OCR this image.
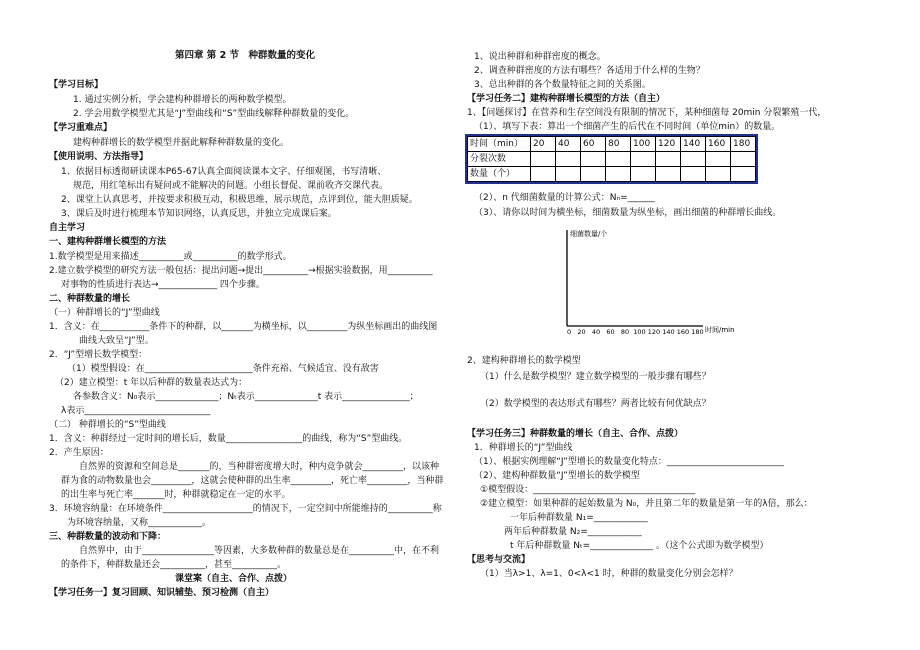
第四章 第 2 节　种群数量的变化
【学习目标】
1. 通过实例分析，学会建构种群增长的两种数学模型。
2. 学会用数学模型尤其是“J”型曲线和“S”型曲线解释种群数量的变化。
【学习重难点】
建构种群增长的数学模型并据此解释种群数量的变化。
【使用说明、方法指导】
1、依据目标透彻研读课本P65-67认真全面阅读课本文字、仔细观图，书写清晰、
规范，用红笔标出有疑问或不能解决的问题。小组长督促、课前收齐交课代表。
2、课堂上认真思考，并按要求积极互动，积极思维，展示规范，点评到位，能大胆质疑。
3、课后及时进行梳理本节知识网络，认真反思，并独立完成课后案。
自主学习
一、建构种群增长模型的方法
1.数学模型是用来描述__________或__________的数学形式。
2.建立数学模型的研究方法一般包括：提出问题→提出__________→根据实验数据，用__________
对事物的性质进行表达→_____________ 四个步骤。
二、种群数量的增长
（一）种群增长的“J”型曲线
1．含义：在___________条件下的种群，以_______为横坐标，以_________为纵坐标画出的曲线图
曲线大致呈“J”型。
2．“J”型增长数学模型：
（1）模型假设：在________________________条件充裕、气候适宜、没有敌害
（2）建立模型：t 年以后种群的数量表达式为：
各参数含义：N₀表示______________；Nₜ表示______________t 表示_______________；
λ表示____________________________
（二） 种群增长的“S”型曲线
1．含义：种群经过一定时间的增长后，数量_________________的曲线，称为“S”型曲线。
2．产生原因：
自然界的资源和空间总是_______的，当种群密度增大时，种内竞争就会_________，以该种
群为食的动物数量也会_________，这就会使种群的出生率_________，死亡率_________，当种群
的出生率与死亡率_______时，种群就稳定在一定的水平。
3．环境容纳量：在环境条件____________________的情况下，一定空间中所能维持的__________称
为环境容纳量，又称____________。
三、种群数量的波动和下降：
自然界中，由于________________等因素，大多数种群的数量总是在__________中，在不利
的条件下，种群数量还会__________，甚至__________。
课堂案（自主、合作、点拨）
【学习任务一】复习回顾、知识辅垫、预习检测（自主）
1、说出种群和种群密度的概念。
2、调查种群密度的方法有哪些？各适用于什么样的生物？
3、总出种群的各个数量特征之间的关系图。
【学习任务二】建构种群增长模型的方法（自主）
1、【问题探讨】在营养和生存空间没有限制的情况下，某种细菌每 20min 分裂繁殖一代，
（1）、填写下表：算出一个细菌产生的后代在不同时间（单位min）的数量。
时间（min）	20	40	60	80	100	120	140	160	180
分裂次数									
数量（个）									
（2）、n 代细菌数量的计算公式：Nₙ=______
（3）、请你以时间为横坐标，细菌数量为纵坐标，画出细菌的种群增长曲线。
细菌数量/个
时间/min
0 20 40 60 80 100 120 140 160 180
2、建构种群增长的数学模型
（1）什么是数学模型？建立数学模型的一般步骤有哪些？
（2）数学模型的表达形式有哪些？两者比较有何优缺点？
【学习任务三】种群数量的增长（自主、合作、点拨）
1．种群增长的“J”型曲线
（1）、根据实例理解“J”型增长的数量变化特点：__________________________
（2）、建构种群数量“J”型增长的数学模型
①模型假设：____________________________________
②建立模型：如果种群的起始数量为 N₀，并且第二年的数量是第一年的λ倍，那么：
一年后种群数量 N₁=____________
两年后种群数量 N₂=____________
t 年后种群数量 Nₜ=______________ 。（这个公式即为数学模型）
【思考与交流】
（1）当λ>1、λ=1、0<λ<1 时，种群的数量变化分别会怎样？
